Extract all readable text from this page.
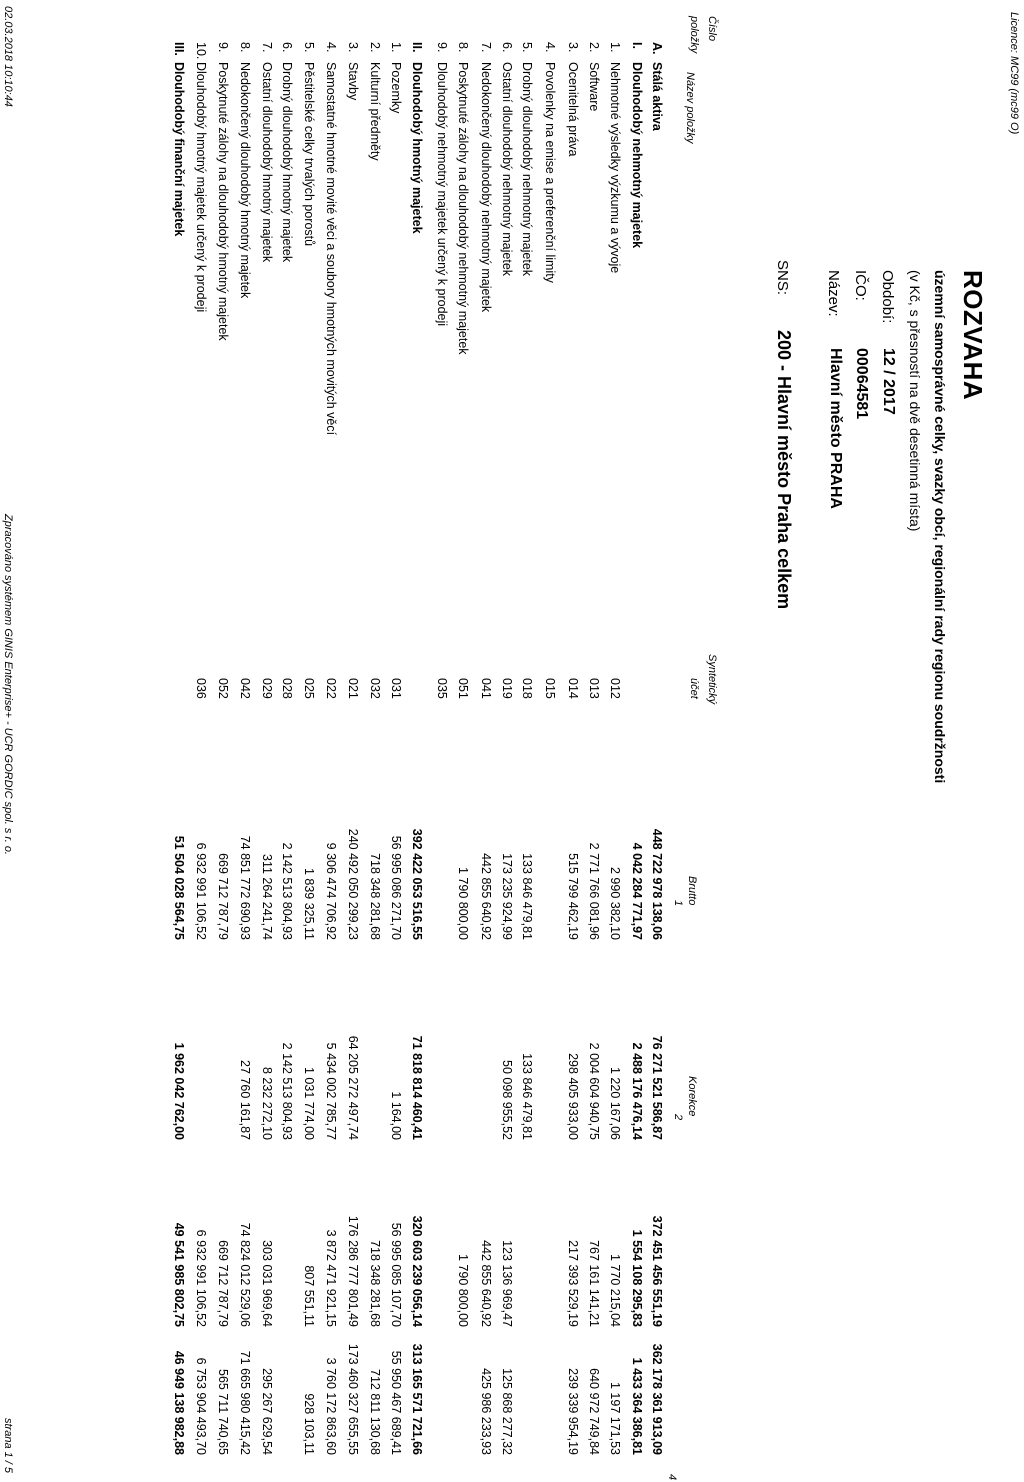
Licence: MC99 (mc99 O)
ROZVAHA
územní samosprávné celky, svazky obcí, regionální rady regionu soudržnosti
(v Kč, s přesností na dvě desetinná místa)
Období:
12 / 2017
IČO:
00064581
Název:
Hlavní město PRAHA
SNS:
200 - Hlavní město Praha celkem
Číslo
položky
Název položky
Syntetický
účet
Brutto
1
Korekce
2
4
A.
Stálá aktiva
448 722 978 138,06
76 271 521 586,87
372 451 456 551,19
362 178 361 913,09
I.
Dlouhodobý nehmotný majetek
4 042 284 771,97
2 488 176 476,14
1 554 108 295,83
1 433 364 386,81
1.
Nehmotné výsledky výzkumu a vývoje
012
2 990 382,10
1 220 167,06
1 770 215,04
1 197 171,53
2.
Software
013
2 771 766 081,96
2 004 604 940,75
767 161 141,21
640 972 749,84
3.
Ocenitelná práva
014
515 799 462,19
298 405 933,00
217 393 529,19
239 339 954,19
4.
Povolenky na emise a preferenční limity
015
5.
Drobný dlouhodobý nehmotný majetek
018
133 846 479,81
133 846 479,81
6.
Ostatní dlouhodobý nehmotný majetek
019
173 235 924,99
50 098 955,52
123 136 969,47
125 868 277,32
7.
Nedokončený dlouhodobý nehmotný majetek
041
442 855 640,92
442 855 640,92
425 986 233,93
8.
Poskytnuté zálohy na dlouhodobý nehmotný majetek
051
1 790 800,00
1 790 800,00
9.
Dlouhodobý nehmotný majetek určený k prodeji
035
II.
Dlouhodobý hmotný majetek
392 422 053 516,55
71 818 814 460,41
320 603 239 056,14
313 165 571 721,66
1.
Pozemky
031
56 995 086 271,70
1 164,00
56 995 085 107,70
55 950 467 689,41
2.
Kulturní předměty
032
718 348 281,68
718 348 281,68
712 811 130,68
3.
Stavby
021
240 492 050 299,23
64 205 272 497,74
176 286 777 801,49
173 460 327 655,55
4.
Samostatné hmotné movité věci a soubory hmotných movitých věcí
022
9 306 474 706,92
5 434 002 785,77
3 872 471 921,15
3 760 172 863,60
5.
Pěstitelské celky trvalých porostů
025
1 839 325,11
1 031 774,00
807 551,11
928 103,11
6.
Drobný dlouhodobý hmotný majetek
028
2 142 513 804,93
2 142 513 804,93
7.
Ostatní dlouhodobý hmotný majetek
029
311 264 241,74
8 232 272,10
303 031 969,64
295 267 629,54
8.
Nedokončený dlouhodobý hmotný majetek
042
74 851 772 690,93
27 760 161,87
74 824 012 529,06
71 665 980 415,42
9.
Poskytnuté zálohy na dlouhodobý hmotný majetek
052
669 712 787,79
669 712 787,79
565 711 740,65
10.
Dlouhodobý hmotný majetek určený k prodeji
036
6 932 991 106,52
6 932 991 106,52
6 753 904 493,70
III.
Dlouhodobý finanční majetek
51 504 028 564,75
1 962 042 762,00
49 541 985 802,75
46 949 138 982,88
02.03.2018 10:10:44
Zpracováno systémem GINIS Enterprise+ - UCR GORDIC spol. s r. o.
strana 1 / 5
